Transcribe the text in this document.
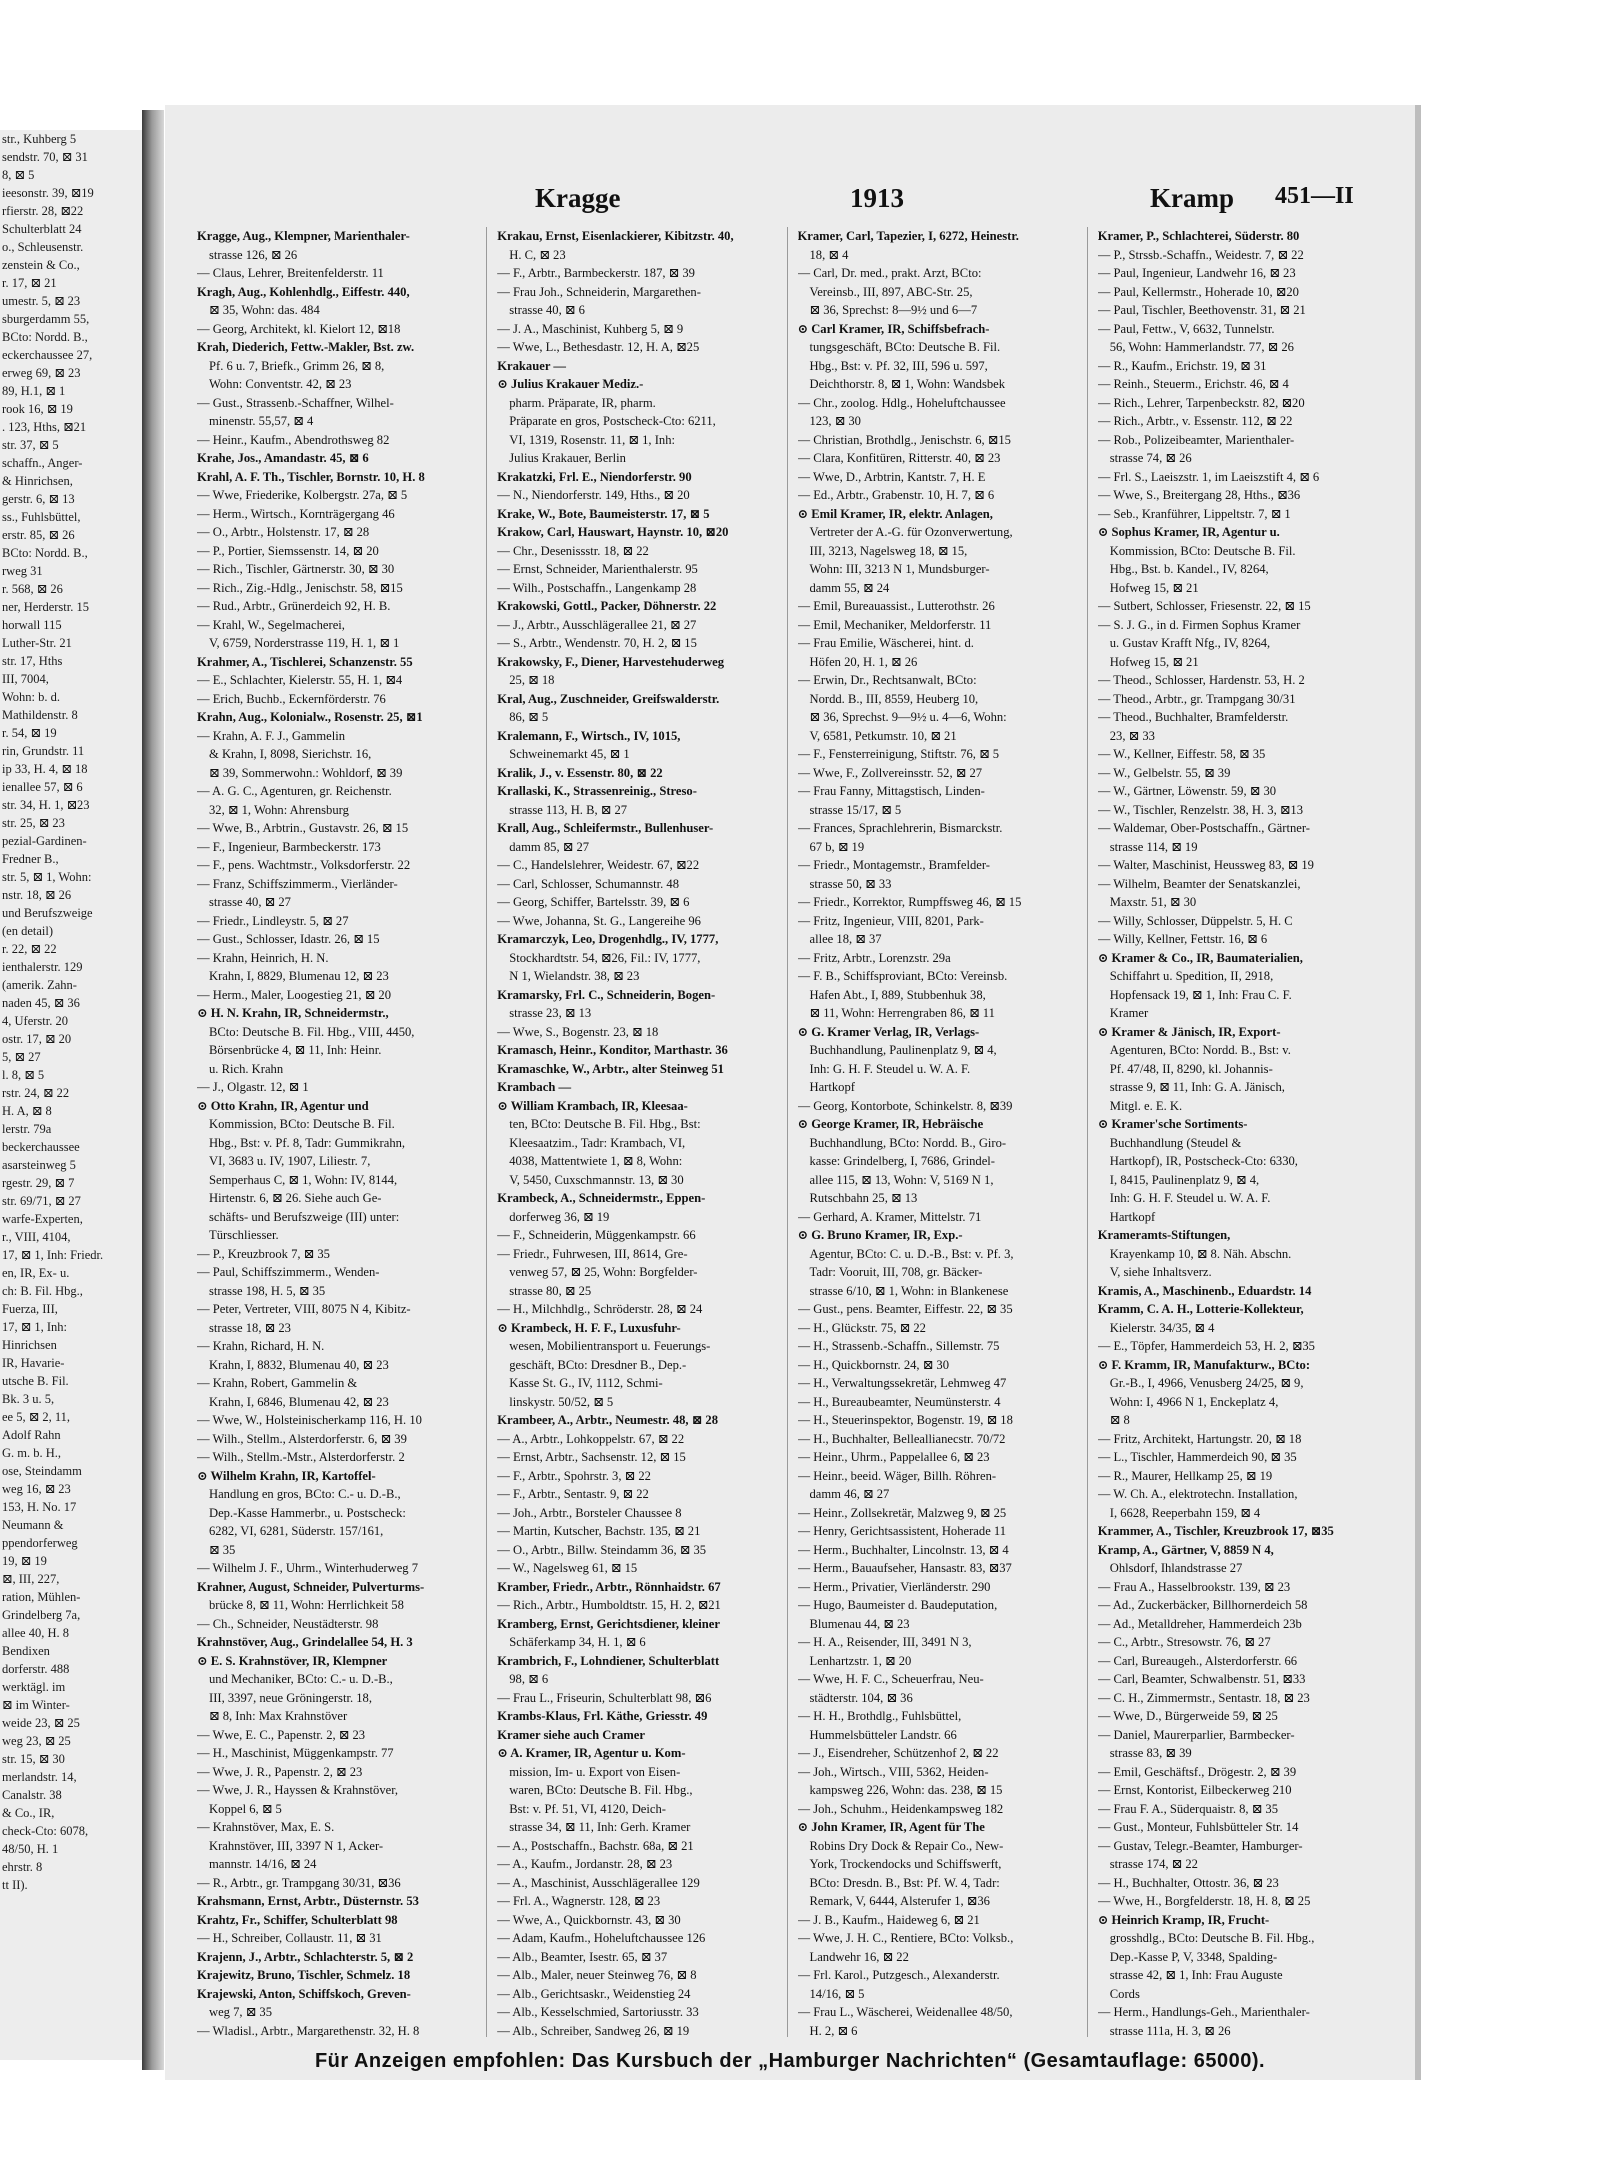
str., Kuhberg 5
sendstr. 70, ⊠ 31
8, ⊠ 5
ieesonstr. 39, ⊠19
rfierstr. 28, ⊠22
Schulterblatt 24
o., Schleusenstr.
zenstein & Co.,
r. 17, ⊠ 21
umestr. 5, ⊠ 23
sburgerdamm 55,
BCto: Nordd. B.,
eckerchaussee 27,
erweg 69, ⊠ 23
89, H.1, ⊠ 1
rook 16, ⊠ 19
. 123, Hths, ⊠21
str. 37, ⊠ 5
schaffn., Anger-
& Hinrichsen,
gerstr. 6, ⊠ 13
ss., Fuhlsbüttel,
erstr. 85, ⊠ 26
BCto: Nordd. B.,
rweg 31
r. 568, ⊠ 26
ner, Herderstr. 15
horwall 115
Luther-Str. 21
str. 17, Hths
III, 7004,
Wohn: b. d.
Mathildenstr. 8
r. 54, ⊠ 19
rin, Grundstr. 11
ip 33, H. 4, ⊠ 18
ienallee 57, ⊠ 6
str. 34, H. 1, ⊠23
str. 25, ⊠ 23
pezial-Gardinen-
Fredner B.,
str. 5, ⊠ 1, Wohn:
nstr. 18, ⊠ 26
und Berufszweige
(en detail)
r. 22, ⊠ 22
ienthalerstr. 129
(amerik. Zahn-
naden 45, ⊠ 36
4, Uferstr. 20
ostr. 17, ⊠ 20
5, ⊠ 27
l. 8, ⊠ 5
rstr. 24, ⊠ 22
H. A, ⊠ 8
lerstr. 79a
beckerchaussee
asarsteinweg 5
rgestr. 29, ⊠ 7
str. 69/71, ⊠ 27
warfe-Experten,
r., VIII, 4104,
17, ⊠ 1, Inh: Friedr.
en, IR, Ex- u.
ch: B. Fil. Hbg.,
Fuerza, III,
17, ⊠ 1, Inh:
Hinrichsen
IR, Havarie-
utsche B. Fil.
Bk. 3 u. 5,
ee 5, ⊠ 2, 11,
Adolf Rahn
G. m. b. H.,
ose, Steindamm
weg 16, ⊠ 23
153, H. No. 17
Neumann &
ppendorferweg
19, ⊠ 19
⊠, III, 227,
ration, Mühlen-
Grindelberg 7a,
allee 40, H. 8
Bendixen
dorferstr. 488
werktägl. im
⊠ im Winter-
weide 23, ⊠ 25
weg 23, ⊠ 25
str. 15, ⊠ 30
merlandstr. 14,
Canalstr. 38
& Co., IR,
check-Cto: 6078,
48/50, H. 1
ehrstr. 8
tt II).
Kragge	1913	Kramp 451—II
Kragge, Aug., Klempner, Marienthaler-
strasse 126, ⊠ 26
— Claus, Lehrer, Breitenfelderstr. 11
Kragh, Aug., Kohlenhdlg., Eiffestr. 440,
⊠ 35, Wohn: das. 484
— Georg, Architekt, kl. Kielort 12, ⊠18
Krah, Diederich, Fettw.-Makler, Bst. zw.
Pf. 6 u. 7, Briefk., Grimm 26, ⊠ 8,
Wohn: Conventstr. 42, ⊠ 23
— Gust., Strassenb.-Schaffner, Wilhel-
minenstr. 55,57, ⊠ 4
— Heinr., Kaufm., Abendrothsweg 82
Krahe, Jos., Amandastr. 45, ⊠ 6
Krahl, A. F. Th., Tischler, Bornstr. 10, H. 8
— Wwe, Friederike, Kolbergstr. 27a, ⊠ 5
— Herm., Wirtsch., Kornträgergang 46
— O., Arbtr., Holstenstr. 17, ⊠ 28
— P., Portier, Siemssenstr. 14, ⊠ 20
— Rich., Tischler, Gärtnerstr. 30, ⊠ 30
— Rich., Zig.-Hdlg., Jenischstr. 58, ⊠15
— Rud., Arbtr., Grünerdeich 92, H. B.
— Krahl, W., Segelmacherei,
V, 6759, Norderstrasse 119, H. 1, ⊠ 1
Krahmer, A., Tischlerei, Schanzenstr. 55
— E., Schlachter, Kielerstr. 55, H. 1, ⊠4
— Erich, Buchb., Eckernförderstr. 76
Krahn, Aug., Kolonialw., Rosenstr. 25, ⊠1
— Krahn, A. F. J., Gammelin
& Krahn, I, 8098, Sierichstr. 16,
⊠ 39, Sommerwohn.: Wohldorf, ⊠ 39
— A. G. C., Agenturen, gr. Reichenstr.
32, ⊠ 1, Wohn: Ahrensburg
— Wwe, B., Arbtrin., Gustavstr. 26, ⊠ 15
— F., Ingenieur, Barmbeckerstr. 173
— F., pens. Wachtmstr., Volksdorferstr. 22
— Franz, Schiffszimmerm., Vierländer-
strasse 40, ⊠ 27
— Friedr., Lindleystr. 5, ⊠ 27
— Gust., Schlosser, Idastr. 26, ⊠ 15
— Krahn, Heinrich, H. N.
Krahn, I, 8829, Blumenau 12, ⊠ 23
— Herm., Maler, Loogestieg 21, ⊠ 20
⊙ H. N. Krahn, IR, Schneidermstr.,
BCto: Deutsche B. Fil. Hbg., VIII, 4450,
Börsenbrücke 4, ⊠ 11, Inh: Heinr.
u. Rich. Krahn
— J., Olgastr. 12, ⊠ 1
⊙ Otto Krahn, IR, Agentur und
Kommission, BCto: Deutsche B. Fil.
Hbg., Bst: v. Pf. 8, Tadr: Gummikrahn,
VI, 3683 u. IV, 1907, Liliestr. 7,
Semperhaus C, ⊠ 1, Wohn: IV, 8144,
Hirtenstr. 6, ⊠ 26. Siehe auch Ge-
schäfts- und Berufszweige (III) unter:
Türschliesser.
— P., Kreuzbrook 7, ⊠ 35
— Paul, Schiffszimmerm., Wenden-
strasse 198, H. 5, ⊠ 35
— Peter, Vertreter, VIII, 8075 N 4, Kibitz-
strasse 18, ⊠ 23
— Krahn, Richard, H. N.
Krahn, I, 8832, Blumenau 40, ⊠ 23
— Krahn, Robert, Gammelin &
Krahn, I, 6846, Blumenau 42, ⊠ 23
— Wwe, W., Holsteinischerkamp 116, H. 10
— Wilh., Stellm., Alsterdorferstr. 6, ⊠ 39
— Wilh., Stellm.-Mstr., Alsterdorferstr. 2
⊙ Wilhelm Krahn, IR, Kartoffel-
Handlung en gros, BCto: C.- u. D.-B.,
Dep.-Kasse Hammerbr., u. Postscheck:
6282, VI, 6281, Süderstr. 157/161,
⊠ 35
— Wilhelm J. F., Uhrm., Winterhuderweg 7
Krahner, August, Schneider, Pulverturms-
brücke 8, ⊠ 11, Wohn: Herrlichkeit 58
— Ch., Schneider, Neustädterstr. 98
Krahnstöver, Aug., Grindelallee 54, H. 3
⊙ E. S. Krahnstöver, IR, Klempner
und Mechaniker, BCto: C.- u. D.-B.,
III, 3397, neue Gröningerstr. 18,
⊠ 8, Inh: Max Krahnstöver
— Wwe, E. C., Papenstr. 2, ⊠ 23
— H., Maschinist, Müggenkampstr. 77
— Wwe, J. R., Papenstr. 2, ⊠ 23
— Wwe, J. R., Hayssen & Krahnstöver,
Koppel 6, ⊠ 5
— Krahnstöver, Max, E. S.
Krahnstöver, III, 3397 N 1, Acker-
mannstr. 14/16, ⊠ 24
— R., Arbtr., gr. Trampgang 30/31, ⊠36
Krahsmann, Ernst, Arbtr., Düsternstr. 53
Krahtz, Fr., Schiffer, Schulterblatt 98
— H., Schreiber, Collaustr. 11, ⊠ 31
Krajenn, J., Arbtr., Schlachterstr. 5, ⊠ 2
Krajewitz, Bruno, Tischler, Schmelz. 18
Krajewski, Anton, Schiffskoch, Greven-
weg 7, ⊠ 35
— Wladisl., Arbtr., Margarethenstr. 32, H. 8
Krakau, Ernst, Eisenlackierer, Kibitzstr. 40,
H. C, ⊠ 23
— F., Arbtr., Barmbeckerstr. 187, ⊠ 39
— Frau Joh., Schneiderin, Margarethen-
strasse 40, ⊠ 6
— J. A., Maschinist, Kuhberg 5, ⊠ 9
— Wwe, L., Bethesdastr. 12, H. A, ⊠25
Krakauer —
⊙ Julius Krakauer Mediz.-
pharm. Präparate, IR, pharm.
Präparate en gros, Postscheck-Cto: 6211,
VI, 1319, Rosenstr. 11, ⊠ 1, Inh:
Julius Krakauer, Berlin
Krakatzki, Frl. E., Niendorferstr. 90
— N., Niendorferstr. 149, Hths., ⊠ 20
Krake, W., Bote, Baumeisterstr. 17, ⊠ 5
Krakow, Carl, Hauswart, Haynstr. 10, ⊠20
— Chr., Desenissstr. 18, ⊠ 22
— Ernst, Schneider, Marienthalerstr. 95
— Wilh., Postschaffn., Langenkamp 28
Krakowski, Gottl., Packer, Döhnerstr. 22
— J., Arbtr., Ausschlägerallee 21, ⊠ 27
— S., Arbtr., Wendenstr. 70, H. 2, ⊠ 15
Krakowsky, F., Diener, Harvestehuderweg
25, ⊠ 18
Kral, Aug., Zuschneider, Greifswalderstr.
86, ⊠ 5
Kralemann, F., Wirtsch., IV, 1015,
Schweinemarkt 45, ⊠ 1
Kralik, J., v. Essenstr. 80, ⊠ 22
Krallaski, K., Strassenreinig., Streso-
strasse 113, H. B, ⊠ 27
Krall, Aug., Schleifermstr., Bullenhuser-
damm 85, ⊠ 27
— C., Handelslehrer, Weidestr. 67, ⊠22
— Carl, Schlosser, Schumannstr. 48
— Georg, Schiffer, Bartelsstr. 39, ⊠ 6
— Wwe, Johanna, St. G., Langereihe 96
Kramarczyk, Leo, Drogenhdlg., IV, 1777,
Stockhardtstr. 54, ⊠26, Fil.: IV, 1777,
N 1, Wielandstr. 38, ⊠ 23
Kramarsky, Frl. C., Schneiderin, Bogen-
strasse 23, ⊠ 13
— Wwe, S., Bogenstr. 23, ⊠ 18
Kramasch, Heinr., Konditor, Marthastr. 36
Kramaschke, W., Arbtr., alter Steinweg 51
Krambach —
⊙ William Krambach, IR, Kleesaa-
ten, BCto: Deutsche B. Fil. Hbg., Bst:
Kleesaatzim., Tadr: Krambach, VI,
4038, Mattentwiete 1, ⊠ 8, Wohn:
V, 5450, Cuxschmannstr. 13, ⊠ 30
Krambeck, A., Schneidermstr., Eppen-
dorferweg 36, ⊠ 19
— F., Schneiderin, Müggenkampstr. 66
— Friedr., Fuhrwesen, III, 8614, Gre-
venweg 57, ⊠ 25, Wohn: Borgfelder-
strasse 80, ⊠ 25
— H., Milchhdlg., Schröderstr. 28, ⊠ 24
⊙ Krambeck, H. F. F., Luxusfuhr-
wesen, Mobilientransport u. Feuerungs-
geschäft, BCto: Dresdner B., Dep.-
Kasse St. G., IV, 1112, Schmi-
linskystr. 50/52, ⊠ 5
Krambeer, A., Arbtr., Neumestr. 48, ⊠ 28
— A., Arbtr., Lohkoppelstr. 67, ⊠ 22
— Ernst, Arbtr., Sachsenstr. 12, ⊠ 15
— F., Arbtr., Spohrstr. 3, ⊠ 22
— F., Arbtr., Sentastr. 9, ⊠ 22
— Joh., Arbtr., Borsteler Chaussee 8
— Martin, Kutscher, Bachstr. 135, ⊠ 21
— O., Arbtr., Billw. Steindamm 36, ⊠ 35
— W., Nagelsweg 61, ⊠ 15
Kramber, Friedr., Arbtr., Rönnhaidstr. 67
— Rich., Arbtr., Humboldtstr. 15, H. 2, ⊠21
Kramberg, Ernst, Gerichtsdiener, kleiner
Schäferkamp 34, H. 1, ⊠ 6
Krambrich, F., Lohndiener, Schulterblatt
98, ⊠ 6
— Frau L., Friseurin, Schulterblatt 98, ⊠6
Krambs-Klaus, Frl. Käthe, Griesstr. 49
Kramer siehe auch Cramer
⊙ A. Kramer, IR, Agentur u. Kom-
mission, Im- u. Export von Eisen-
waren, BCto: Deutsche B. Fil. Hbg.,
Bst: v. Pf. 51, VI, 4120, Deich-
strasse 34, ⊠ 11, Inh: Gerh. Kramer
— A., Postschaffn., Bachstr. 68a, ⊠ 21
— A., Kaufm., Jordanstr. 28, ⊠ 23
— A., Maschinist, Ausschlägerallee 129
— Frl. A., Wagnerstr. 128, ⊠ 23
— Wwe, A., Quickbornstr. 43, ⊠ 30
— Adam, Kaufm., Hoheluftchaussee 126
— Alb., Beamter, Isestr. 65, ⊠ 37
— Alb., Maler, neuer Steinweg 76, ⊠ 8
— Alb., Gerichtsaskr., Weidenstieg 24
— Alb., Kesselschmied, Sartoriusstr. 33
— Alb., Schreiber, Sandweg 26, ⊠ 19
Kramer, Carl, Tapezier, I, 6272, Heinestr.
18, ⊠ 4
— Carl, Dr. med., prakt. Arzt, BCto:
Vereinsb., III, 897, ABC-Str. 25,
⊠ 36, Sprechst: 8—9½ und 6—7
⊙ Carl Kramer, IR, Schiffsbefrach-
tungsgeschäft, BCto: Deutsche B. Fil.
Hbg., Bst: v. Pf. 32, III, 596 u. 597,
Deichthorstr. 8, ⊠ 1, Wohn: Wandsbek
— Chr., zoolog. Hdlg., Hoheluftchaussee
123, ⊠ 30
— Christian, Brothdlg., Jenischstr. 6, ⊠15
— Clara, Konfitüren, Ritterstr. 40, ⊠ 23
— Wwe, D., Arbtrin, Kantstr. 7, H. E
— Ed., Arbtr., Grabenstr. 10, H. 7, ⊠ 6
⊙ Emil Kramer, IR, elektr. Anlagen,
Vertreter der A.-G. für Ozonverwertung,
III, 3213, Nagelsweg 18, ⊠ 15,
Wohn: III, 3213 N 1, Mundsburger-
damm 55, ⊠ 24
— Emil, Bureauassist., Lutterothstr. 26
— Emil, Mechaniker, Meldorferstr. 11
— Frau Emilie, Wäscherei, hint. d.
Höfen 20, H. 1, ⊠ 26
— Erwin, Dr., Rechtsanwalt, BCto:
Nordd. B., III, 8559, Heuberg 10,
⊠ 36, Sprechst. 9—9½ u. 4—6, Wohn:
V, 6581, Petkumstr. 10, ⊠ 21
— F., Fensterreinigung, Stiftstr. 76, ⊠ 5
— Wwe, F., Zollvereinsstr. 52, ⊠ 27
— Frau Fanny, Mittagstisch, Linden-
strasse 15/17, ⊠ 5
— Frances, Sprachlehrerin, Bismarckstr.
67 b, ⊠ 19
— Friedr., Montagemstr., Bramfelder-
strasse 50, ⊠ 33
— Friedr., Korrektor, Rumpffsweg 46, ⊠ 15
— Fritz, Ingenieur, VIII, 8201, Park-
allee 18, ⊠ 37
— Fritz, Arbtr., Lorenzstr. 29a
— F. B., Schiffsproviant, BCto: Vereinsb.
Hafen Abt., I, 889, Stubbenhuk 38,
⊠ 11, Wohn: Herrengraben 86, ⊠ 11
⊙ G. Kramer Verlag, IR, Verlags-
Buchhandlung, Paulinenplatz 9, ⊠ 4,
Inh: G. H. F. Steudel u. W. A. F.
Hartkopf
— Georg, Kontorbote, Schinkelstr. 8, ⊠39
⊙ George Kramer, IR, Hebräische
Buchhandlung, BCto: Nordd. B., Giro-
kasse: Grindelberg, I, 7686, Grindel-
allee 115, ⊠ 13, Wohn: V, 5169 N 1,
Rutschbahn 25, ⊠ 13
— Gerhard, A. Kramer, Mittelstr. 71
⊙ G. Bruno Kramer, IR, Exp.-
Agentur, BCto: C. u. D.-B., Bst: v. Pf. 3,
Tadr: Vooruit, III, 708, gr. Bäcker-
strasse 6/10, ⊠ 1, Wohn: in Blankenese
— Gust., pens. Beamter, Eiffestr. 22, ⊠ 35
— H., Glückstr. 75, ⊠ 22
— H., Strassenb.-Schaffn., Sillemstr. 75
— H., Quickbornstr. 24, ⊠ 30
— H., Verwaltungssekretär, Lehmweg 47
— H., Bureaubeamter, Neumünsterstr. 4
— H., Steuerinspektor, Bogenstr. 19, ⊠ 18
— H., Buchhalter, Belleallianecstr. 70/72
— Heinr., Uhrm., Pappelallee 6, ⊠ 23
— Heinr., beeid. Wäger, Billh. Röhren-
damm 46, ⊠ 27
— Heinr., Zollsekretär, Malzweg 9, ⊠ 25
— Henry, Gerichtsassistent, Hoherade 11
— Herm., Buchhalter, Lincolnstr. 13, ⊠ 4
— Herm., Bauaufseher, Hansastr. 83, ⊠37
— Herm., Privatier, Vierländerstr. 290
— Hugo, Baumeister d. Baudeputation,
Blumenau 44, ⊠ 23
— H. A., Reisender, III, 3491 N 3,
Lenhartzstr. 1, ⊠ 20
— Wwe, H. F. C., Scheuerfrau, Neu-
städterstr. 104, ⊠ 36
— H. H., Brothdlg., Fuhlsbüttel,
Hummelsbütteler Landstr. 66
— J., Eisendreher, Schützenhof 2, ⊠ 22
— Joh., Wirtsch., VIII, 5362, Heiden-
kampsweg 226, Wohn: das. 238, ⊠ 15
— Joh., Schuhm., Heidenkampsweg 182
⊙ John Kramer, IR, Agent für The
Robins Dry Dock & Repair Co., New-
York, Trockendocks und Schiffswerft,
BCto: Dresdn. B., Bst: Pf. W. 4, Tadr:
Remark, V, 6444, Alsterufer 1, ⊠36
— J. B., Kaufm., Haideweg 6, ⊠ 21
— Wwe, J. H. C., Rentiere, BCto: Volksb.,
Landwehr 16, ⊠ 22
— Frl. Karol., Putzgesch., Alexanderstr.
14/16, ⊠ 5
— Frau L., Wäscherei, Weidenallee 48/50,
H. 2, ⊠ 6
Kramer, P., Schlachterei, Süderstr. 80
— P., Strssb.-Schaffn., Weidestr. 7, ⊠ 22
— Paul, Ingenieur, Landwehr 16, ⊠ 23
— Paul, Kellermstr., Hoherade 10, ⊠20
— Paul, Tischler, Beethovenstr. 31, ⊠ 21
— Paul, Fettw., V, 6632, Tunnelstr.
56, Wohn: Hammerlandstr. 77, ⊠ 26
— R., Kaufm., Erichstr. 19, ⊠ 31
— Reinh., Steuerm., Erichstr. 46, ⊠ 4
— Rich., Lehrer, Tarpenbeckstr. 82, ⊠20
— Rich., Arbtr., v. Essenstr. 112, ⊠ 22
— Rob., Polizeibeamter, Marienthaler-
strasse 74, ⊠ 26
— Frl. S., Laeiszstr. 1, im Laeiszstift 4, ⊠ 6
— Wwe, S., Breitergang 28, Hths., ⊠36
— Seb., Kranführer, Lippeltstr. 7, ⊠ 1
⊙ Sophus Kramer, IR, Agentur u.
Kommission, BCto: Deutsche B. Fil.
Hbg., Bst. b. Kandel., IV, 8264,
Hofweg 15, ⊠ 21
— Sutbert, Schlosser, Friesenstr. 22, ⊠ 15
— S. J. G., in d. Firmen Sophus Kramer
u. Gustav Krafft Nfg., IV, 8264,
Hofweg 15, ⊠ 21
— Theod., Schlosser, Hardenstr. 53, H. 2
— Theod., Arbtr., gr. Trampgang 30/31
— Theod., Buchhalter, Bramfelderstr.
23, ⊠ 33
— W., Kellner, Eiffestr. 58, ⊠ 35
— W., Gelbelstr. 55, ⊠ 39
— W., Gärtner, Löwenstr. 59, ⊠ 30
— W., Tischler, Renzelstr. 38, H. 3, ⊠13
— Waldemar, Ober-Postschaffn., Gärtner-
strasse 114, ⊠ 19
— Walter, Maschinist, Heussweg 83, ⊠ 19
— Wilhelm, Beamter der Senatskanzlei,
Maxstr. 51, ⊠ 30
— Willy, Schlosser, Düppelstr. 5, H. C
— Willy, Kellner, Fettstr. 16, ⊠ 6
⊙ Kramer & Co., IR, Baumaterialien,
Schiffahrt u. Spedition, II, 2918,
Hopfensack 19, ⊠ 1, Inh: Frau C. F.
Kramer
⊙ Kramer & Jänisch, IR, Export-
Agenturen, BCto: Nordd. B., Bst: v.
Pf. 47/48, II, 8290, kl. Johannis-
strasse 9, ⊠ 11, Inh: G. A. Jänisch,
Mitgl. e. E. K.
⊙ Kramer'sche Sortiments-
Buchhandlung (Steudel &
Hartkopf), IR, Postscheck-Cto: 6330,
I, 8415, Paulinenplatz 9, ⊠ 4,
Inh: G. H. F. Steudel u. W. A. F.
Hartkopf
Krameramts-Stiftungen,
Krayenkamp 10, ⊠ 8. Näh. Abschn.
V, siehe Inhaltsverz.
Kramis, A., Maschinenb., Eduardstr. 14
Kramm, C. A. H., Lotterie-Kollekteur,
Kielerstr. 34/35, ⊠ 4
— E., Töpfer, Hammerdeich 53, H. 2, ⊠35
⊙ F. Kramm, IR, Manufakturw., BCto:
Gr.-B., I, 4966, Venusberg 24/25, ⊠ 9,
Wohn: I, 4966 N 1, Enckeplatz 4,
⊠ 8
— Fritz, Architekt, Hartungstr. 20, ⊠ 18
— L., Tischler, Hammerdeich 90, ⊠ 35
— R., Maurer, Hellkamp 25, ⊠ 19
— W. Ch. A., elektrotechn. Installation,
I, 6628, Reeperbahn 159, ⊠ 4
Krammer, A., Tischler, Kreuzbrook 17, ⊠35
Kramp, A., Gärtner, V, 8859 N 4,
Ohlsdorf, Ihlandstrasse 27
— Frau A., Hasselbrookstr. 139, ⊠ 23
— Ad., Zuckerbäcker, Billhornerdeich 58
— Ad., Metalldreher, Hammerdeich 23b
— C., Arbtr., Stresowstr. 76, ⊠ 27
— Carl, Bureaugeh., Alsterdorferstr. 66
— Carl, Beamter, Schwalbenstr. 51, ⊠33
— C. H., Zimmermstr., Sentastr. 18, ⊠ 23
— Wwe, D., Bürgerweide 59, ⊠ 25
— Daniel, Maurerparlier, Barmbecker-
strasse 83, ⊠ 39
— Emil, Geschäftsf., Drögestr. 2, ⊠ 39
— Ernst, Kontorist, Eilbeckerweg 210
— Frau F. A., Süderquaistr. 8, ⊠ 35
— Gust., Monteur, Fuhlsbütteler Str. 14
— Gustav, Telegr.-Beamter, Hamburger-
strasse 174, ⊠ 22
— H., Buchhalter, Ottostr. 36, ⊠ 23
— Wwe, H., Borgfelderstr. 18, H. 8, ⊠ 25
⊙ Heinrich Kramp, IR, Frucht-
grosshdlg., BCto: Deutsche B. Fil. Hbg.,
Dep.-Kasse P, V, 3348, Spalding-
strasse 42, ⊠ 1, Inh: Frau Auguste
Cords
— Herm., Handlungs-Geh., Marienthaler-
strasse 111a, H. 3, ⊠ 26
Für Anzeigen empfohlen: Das Kursbuch der „Hamburger Nachrichten“ (Gesamtauflage: 65000).
